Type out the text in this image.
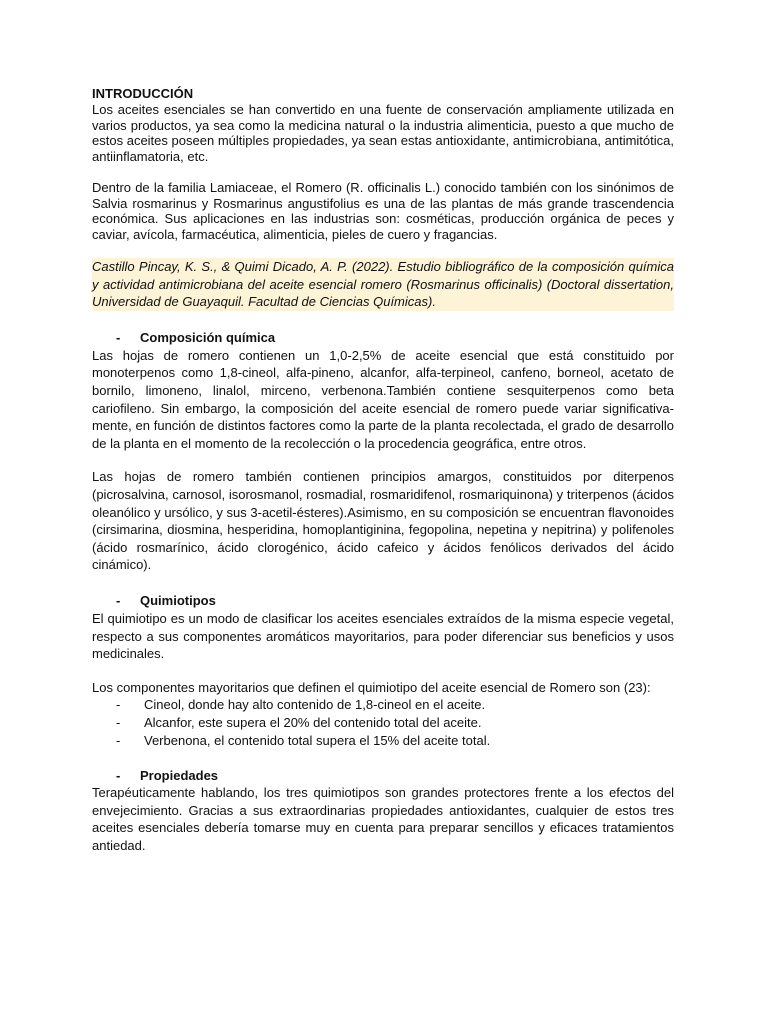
INTRODUCCIÓN

Los aceites esenciales se han convertido en una fuente de conservación ampliamente utilizada en varios productos, ya sea como la medicina natural o la industria alimenticia, puesto a que mucho de estos aceites poseen múltiples propiedades, ya sean estas antioxidante, antimicrobiana, antimitótica, antiinflamatoria, etc.

Dentro de la familia Lamiaceae, el Romero (R. officinalis L.) conocido también con los sinónimos de Salvia rosmarinus y Rosmarinus angustifolius es una de las plantas de más grande trascendencia económica. Sus aplicaciones en las industrias son: cosméticas, producción orgánica de peces y caviar, avícola, farmacéutica, alimenticia, pieles de cuero y fragancias.

Castillo Pincay, K. S., & Quimi Dicado, A. P. (2022). Estudio bibliográfico de la composición química y actividad antimicrobiana del aceite esencial romero (Rosmarinus officinalis) (Doctoral dissertation, Universidad de Guayaquil. Facultad de Ciencias Químicas).

-	Composición química

Las hojas de romero contienen un 1,0-2,5% de aceite esencial que está constituido por monoterpenos como 1,8-cineol, alfa-pineno, alcanfor, alfa-terpineol, canfeno, borneol, acetato de bornilo, limoneno, linalol, mirceno, verbenona.También contiene sesquiterpenos como beta cariofileno. Sin embargo, la composición del aceite esencial de romero puede variar significativa-mente, en función de distintos factores como la parte de la planta recolectada, el grado de desarrollo de la planta en el momento de la recolección o la procedencia geográfica, entre otros.

Las hojas de romero también contienen principios amargos, constituidos por diterpenos (picrosalvina, carnosol, isorosmanol, rosmadial, rosmaridifenol, rosmariquinona) y triterpenos (ácidos oleanólico y ursólico, y sus 3-acetil-ésteres).Asimismo, en su composición se encuentran flavonoides (cirsimarina, diosmina, hesperidina, homoplantiginina, fegopolina, nepetina y nepitrina) y polifenoles (ácido rosmarínico, ácido clorogénico, ácido cafeico y ácidos fenólicos derivados del ácido cinámico).

-	Quimiotipos

El quimiotipo es un modo de clasificar los aceites esenciales extraídos de la misma especie vegetal, respecto a sus componentes aromáticos mayoritarios, para poder diferenciar sus beneficios y usos medicinales.

Los componentes mayoritarios que definen el quimiotipo del aceite esencial de Romero son (23):

-	Cineol, donde hay alto contenido de 1,8-cineol en el aceite.
-	Alcanfor, este supera el 20% del contenido total del aceite.
-	Verbenona, el contenido total supera el 15% del aceite total.
-	Propiedades

Terapéuticamente hablando, los tres quimiotipos son grandes protectores frente a los efectos del envejecimiento. Gracias a sus extraordinarias propiedades antioxidantes, cualquier de estos tres aceites esenciales debería tomarse muy en cuenta para preparar sencillos y eficaces tratamientos antiedad.
